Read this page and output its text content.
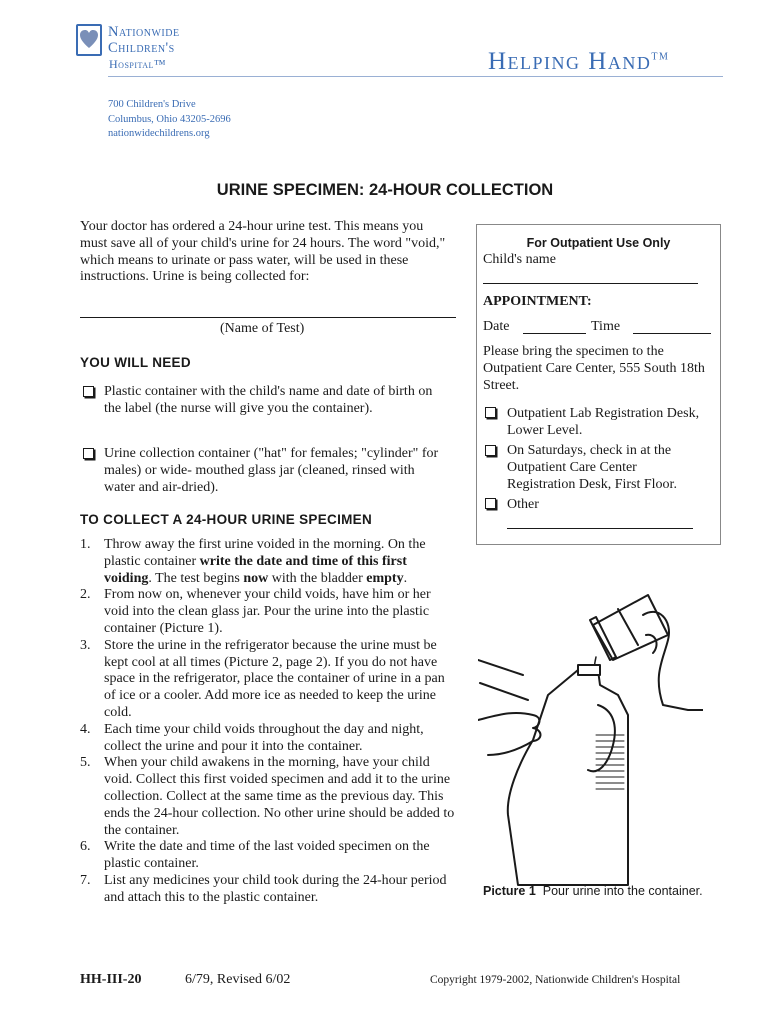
Nationwide
Children's
Hospital™	Helping Hand™
700 Children's Drive
Columbus, Ohio 43205-2696
nationwidechildrens.org
URINE SPECIMEN: 24-HOUR COLLECTION
Your doctor has ordered a 24-hour urine test. This means you must save all of your child's urine for 24 hours. The word "void," which means to urinate or pass water, will be used in these instructions. Urine is being collected for:
(Name of Test)
YOU WILL NEED
Plastic container with the child's name and date of birth on the label (the nurse will give you the container).
Urine collection container ("hat" for females; "cylinder" for males) or wide- mouthed glass jar (cleaned, rinsed with water and air-dried).
TO COLLECT A 24-HOUR URINE SPECIMEN
1. Throw away the first urine voided in the morning. On the plastic container write the date and time of this first voiding. The test begins now with the bladder empty.
2. From now on, whenever your child voids, have him or her void into the clean glass jar. Pour the urine into the plastic container (Picture 1).
3. Store the urine in the refrigerator because the urine must be kept cool at all times (Picture 2, page 2). If you do not have space in the refrigerator, place the container of urine in a pan of ice or a cooler. Add more ice as needed to keep the urine cold.
4. Each time your child voids throughout the day and night, collect the urine and pour it into the container.
5. When your child awakens in the morning, have your child void. Collect this first voided specimen and add it to the urine collection. Collect at the same time as the previous day. This ends the 24-hour collection. No other urine should be added to the container.
6. Write the date and time of the last voided specimen on the plastic container.
7. List any medicines your child took during the 24-hour period and attach this to the plastic container.
For Outpatient Use Only
Child's name
APPOINTMENT:
Date	Time
Please bring the specimen to the Outpatient Care Center, 555 South 18th Street.
Outpatient Lab Registration Desk, Lower Level.
On Saturdays, check in at the Outpatient Care Center Registration Desk, First Floor.
Other
Picture 1 Pour urine into the container.
HH-III-20	6/79, Revised 6/02	Copyright 1979-2002, Nationwide Children's Hospital
